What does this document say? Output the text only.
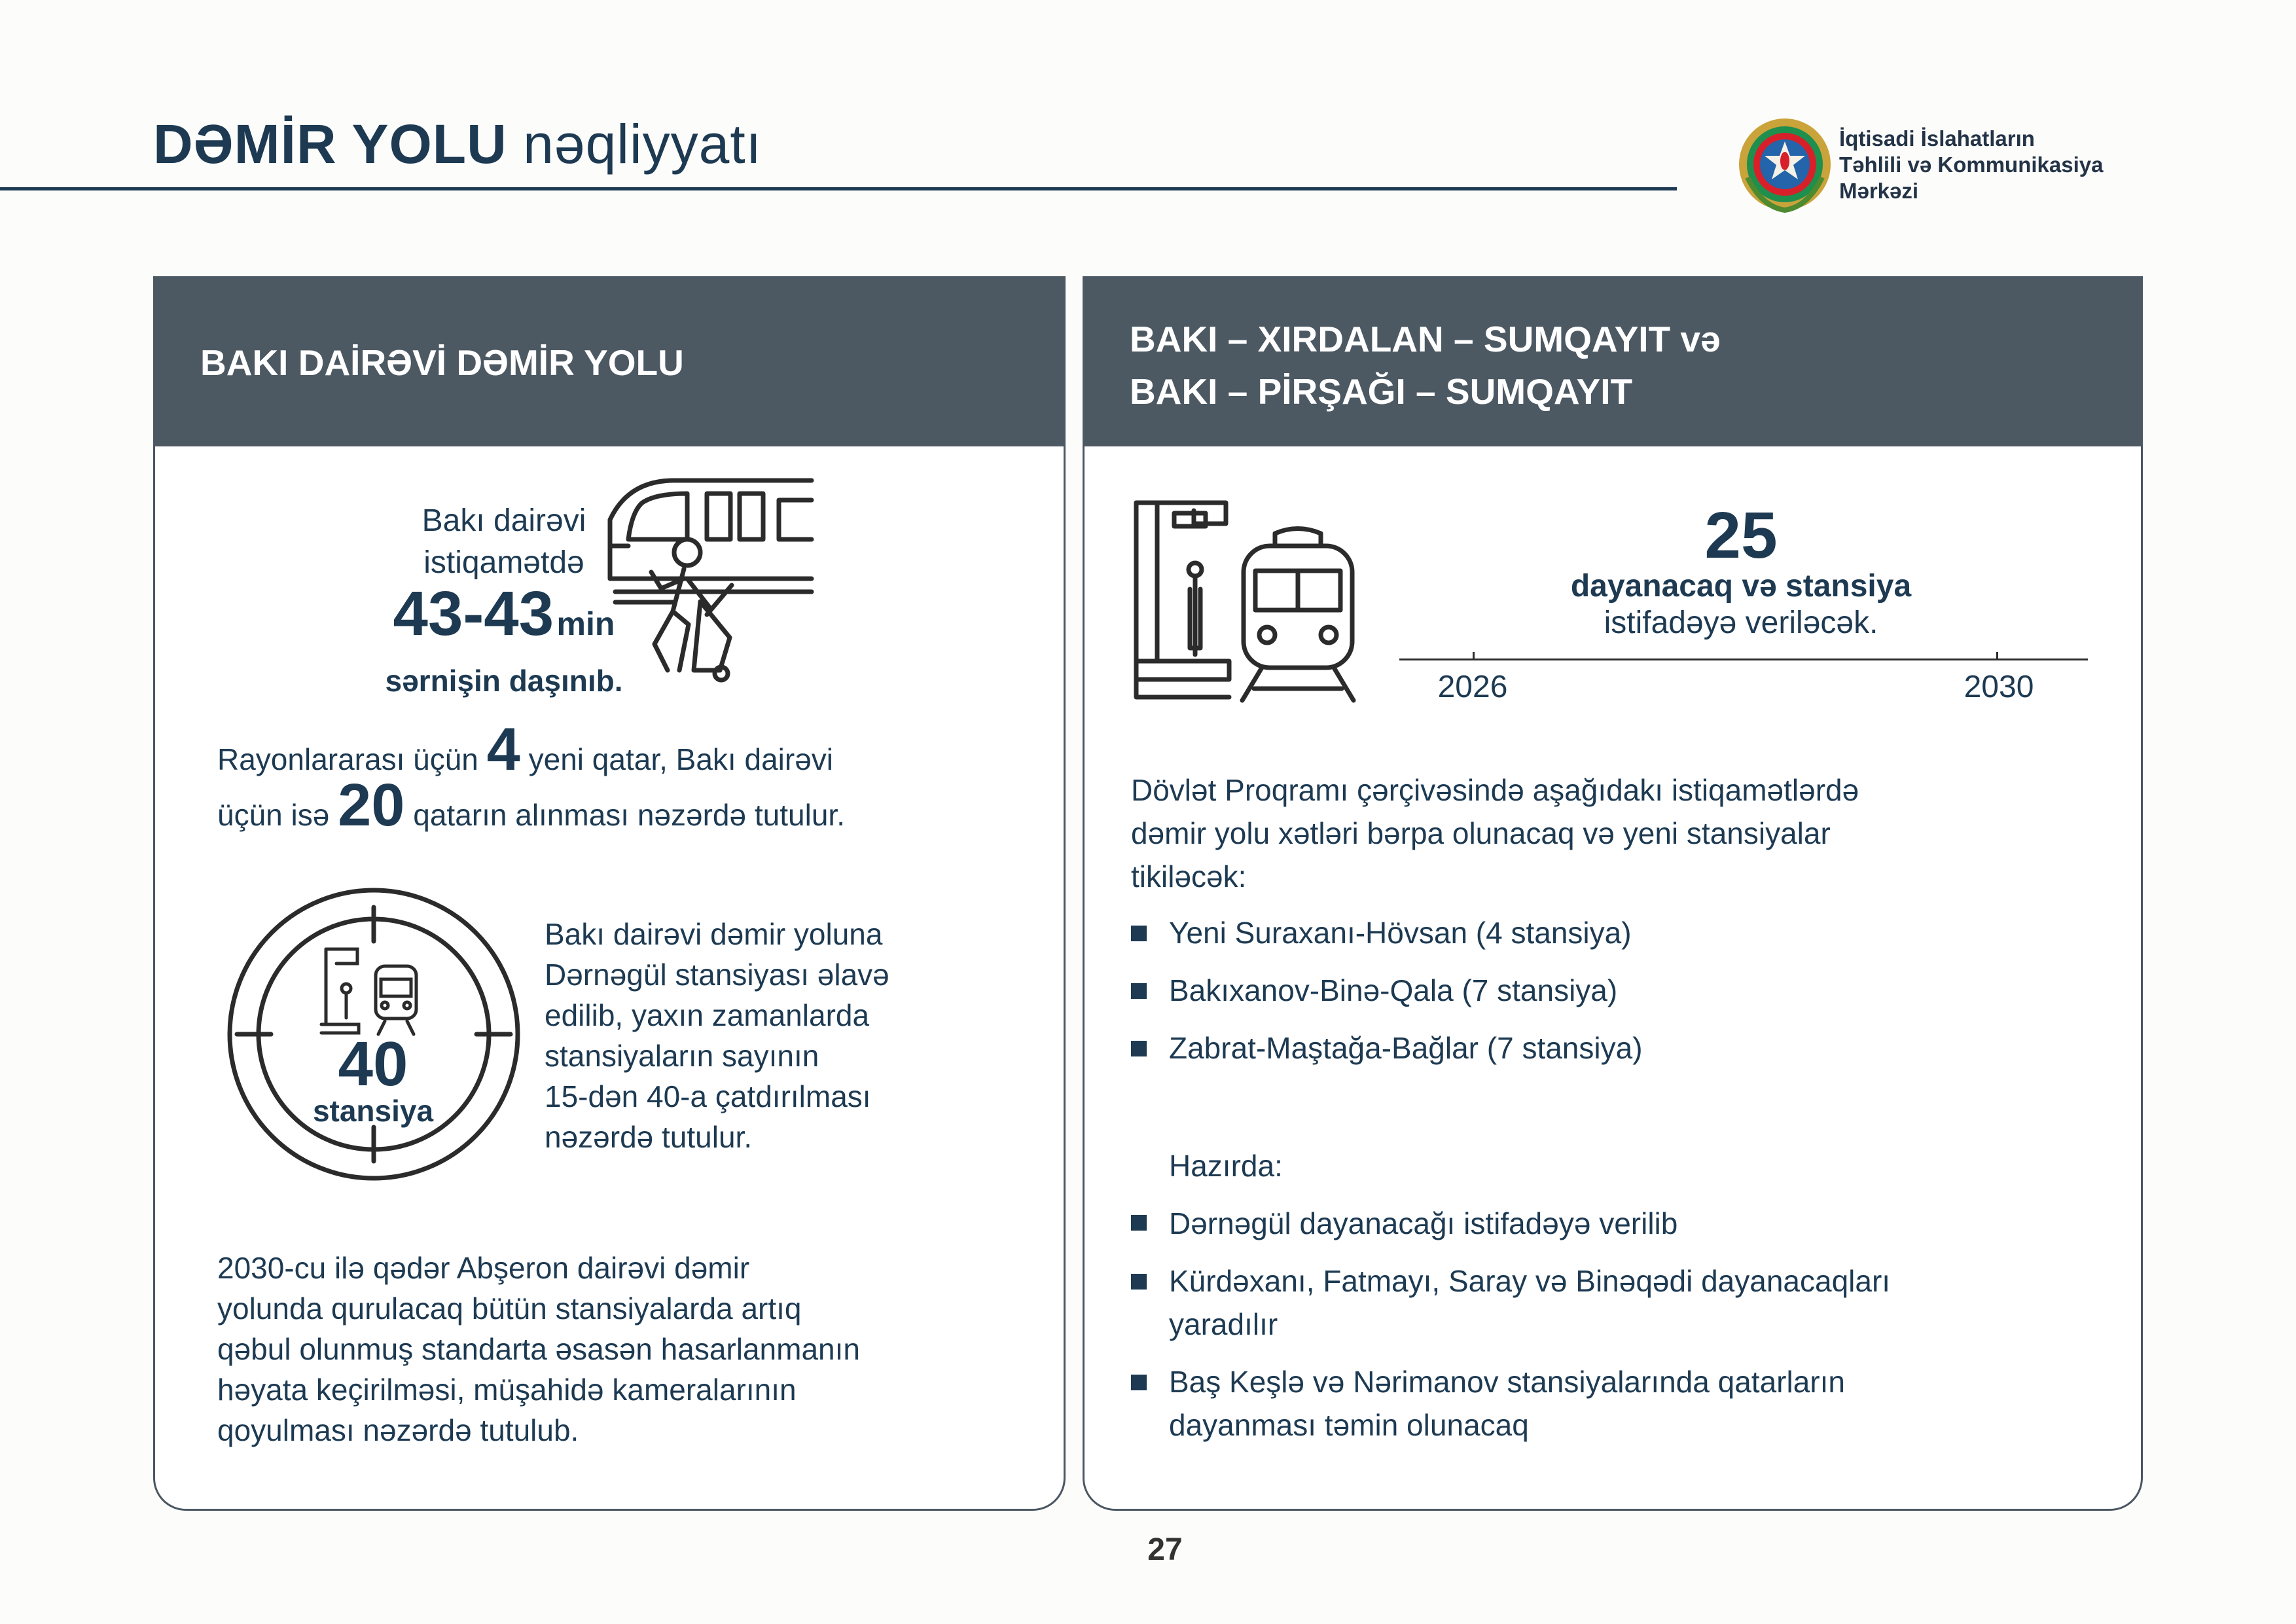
DƏMİR YOLU nəqliyyatı	İqtisadi İslahatların
Təhlili və Kommunikasiya
Mərkəzi
BAKI DAİRƏVİ DƏMİR YOLU
Bakı dairəvi
istiqamətdə
43-43 min
sərnişin daşınıb.
Rayonlararası üçün 4 yeni qatar, Bakı dairəvi
üçün isə 20 qatarın alınması nəzərdə tutulur.
40
stansiya
Bakı dairəvi dəmir yoluna
Dərnəgül stansiyası əlavə
edilib, yaxın zamanlarda
stansiyaların sayının
15-dən 40-a çatdırılması
nəzərdə tutulur.
2030-cu ilə qədər Abşeron dairəvi dəmir
yolunda qurulacaq bütün stansiyalarda artıq
qəbul olunmuş standarta əsasən hasarlanmanın
həyata keçirilməsi, müşahidə kameralarının
qoyulması nəzərdə tutulub.
BAKI – XIRDALAN – SUMQAYIT və
BAKI – PİRŞAĞI – SUMQAYIT
25
dayanacaq və stansiya
istifadəyə veriləcək.
2026	2030
Dövlət Proqramı çərçivəsində aşağıdakı istiqamətlərdə
dəmir yolu xətləri bərpa olunacaq və yeni stansiyalar
tikiləcək:
Yeni Suraxanı-Hövsan (4 stansiya)
Bakıxanov-Binə-Qala (7 stansiya)
Zabrat-Maştağa-Bağlar (7 stansiya)
Hazırda:
Dərnəgül dayanacağı istifadəyə verilib
Kürdəxanı, Fatmayı, Saray və Binəqədi dayanacaqları
yaradılır
Baş Keşlə və Nərimanov stansiyalarında qatarların
dayanması təmin olunacaq
27
